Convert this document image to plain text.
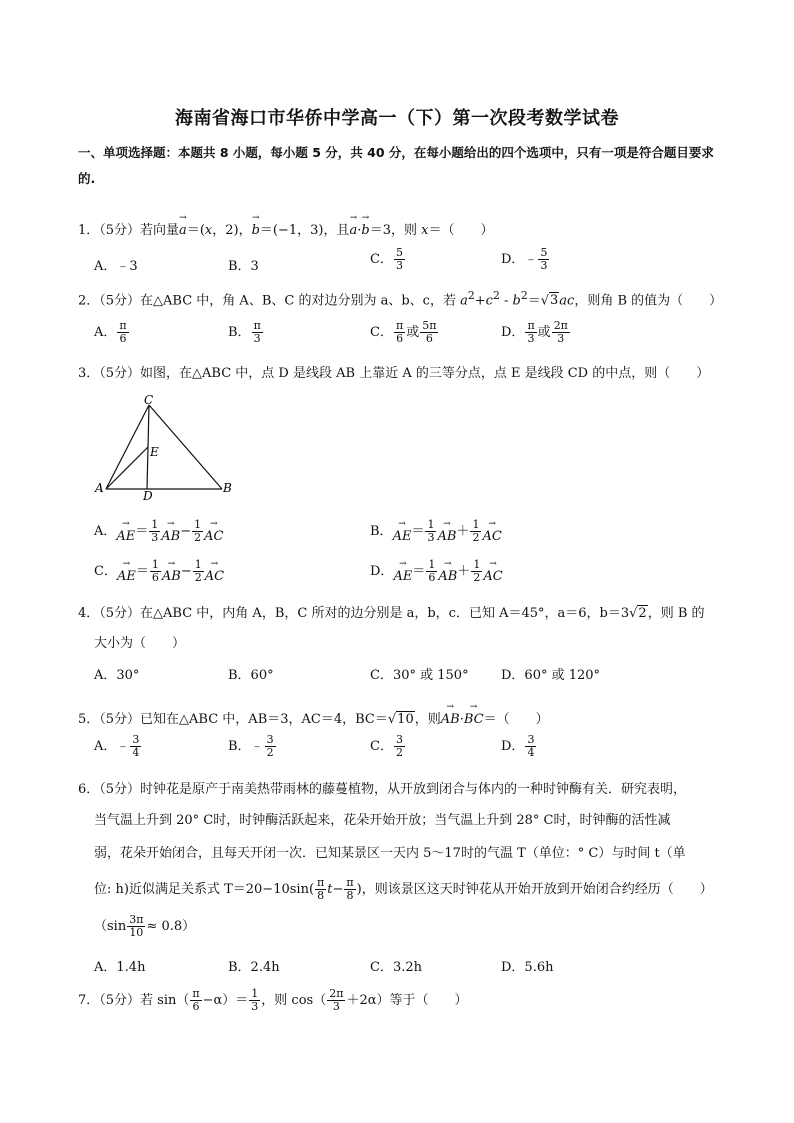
海南省海口市华侨中学高一（下）第一次段考数学试卷
一、单项选择题：本题共 8 小题，每小题 5 分，共 40 分，在每小题给出的四个选项中，只有一项是符合题目要求的.
1．（5分）若向量
→
a ＝(x，2)，
→
b ＝(−1，3)，且
→
a ·
→
b ＝3，则 x＝（　　）
A．﹣3	B．3	C． $\frac{5}{3}$	D．﹣ $\frac{5}{3}$
2．（5分）在△ABC 中，角 A、B、C 的对边分别为 a、b、c，若 $a^2+c^2 - b^2=√3ac$，则角 B 的值为（　　）
A． $\frac{\pi}{6}$	B． $\frac{\pi}{3}$	C． $\frac{\pi}{6}$ 或 $\frac{5\pi}{6}$	D． $\frac{\pi}{3}$ 或 $\frac{2\pi}{3}$
3．（5分）如图，在△ABC 中，点 D 是线段 AB 上靠近 A 的三等分点，点 E 是线段 CD 的中点，则（　　）
C
E
A
D
B
A． →
AE ＝ $\frac{1}{3}$ →
AB − $\frac{1}{2}$ →
AC	B． →
AE ＝ $\frac{1}{3}$ →
AB ＋ $\frac{1}{2}$ →
AC
C． →
AE ＝ $\frac{1}{6}$ →
AB − $\frac{1}{2}$ →
AC	D． →
AE ＝ $\frac{1}{6}$ →
AB ＋ $\frac{1}{2}$ →
AC
4．（5分）在△ABC 中，内角 A，B，C 所对的边分别是 a，b，c．已知 A＝45°，a＝6，b＝3√2，则 B 的
大小为（　　）
A．30°	B．60°	C．30° 或 150° D．60° 或 120°
5．（5分）已知在△ABC 中，AB＝3，AC＝4，BC＝√10，则
→
AB ·
→
BC ＝（　　）
A．﹣ $\frac{3}{4}$	B．﹣ $\frac{3}{2}$	C． $\frac{3}{2}$	D． $\frac{3}{4}$
6．（5分）时钟花是原产于南美热带雨林的藤蔓植物，从开放到闭合与体内的一种时钟酶有关．研究表明，
当气温上升到 20° C时，时钟酶活跃起来，花朵开始开放；当气温上升到 28° C时，时钟酶的活性减
弱，花朵开始闭合，且每天开闭一次．已知某景区一天内 5～17时的气温 T（单位：° C）与时间 t（单
位: h)近似满足关系式 $T=20-10\sin( \frac{\pi}{8} t- \frac{\pi}{8}$ )，则该景区这天时钟花从开始开放到开始闭合约经历（　　）
$(\sin \frac{3\pi}{10} \approx 0.8)$
A．1.4h	B．2.4h	C．3.2h	D．5.6h
7．（5分）若 $\sin( \frac{\pi}{6} -\alpha)= \frac{1}{3}$ ，则 $\cos( \frac{2\pi}{3} +2\alpha)$等于（　　）
